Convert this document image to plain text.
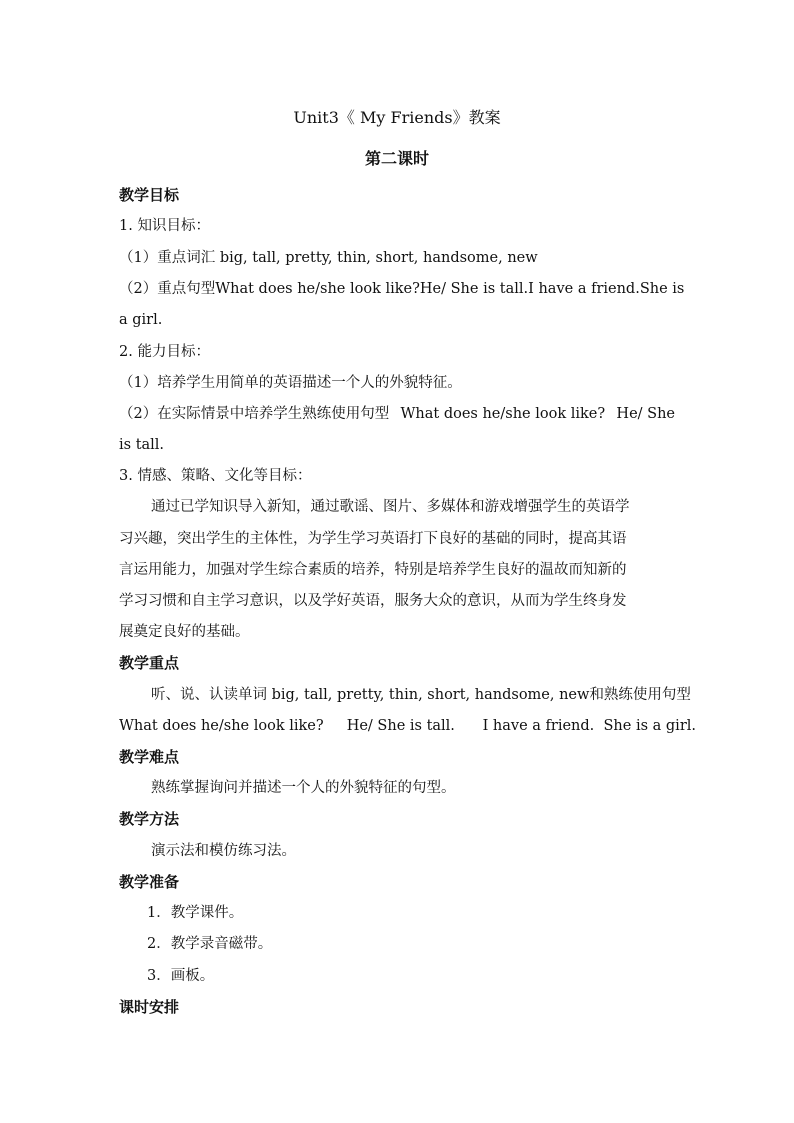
Unit3《 My Friends》教案
第二课时
教学目标
1. 知识目标：
（1）重点词汇 big, tall, pretty, thin, short, handsome, new
（2）重点句型 What does he/she look like? He/ She is tall. I have a friend. She is
a girl.
2. 能力目标：
（1）培养学生用简单的英语描述一个人的外貌特征。
（2）在实际情景中培养学生熟练使用句型 What does he/she look like? He/ She
is tall.
3. 情感、策略、文化等目标：
通过已学知识导入新知，通过歌谣、图片、多媒体和游戏增强学生的英语学
习兴趣，突出学生的主体性，为学生学习英语打下良好的基础的同时，提高其语
言运用能力，加强对学生综合素质的培养，特别是培养学生良好的温故而知新的
学习习惯和自主学习意识，以及学好英语，服务大众的意识，从而为学生终身发
展奠定良好的基础。
教学重点
听、说、认读单词 big, tall, pretty, thin, short, handsome, new 和熟练使用句型
What does he/she look like?     He/ She is tall.      I have a friend.  She is a girl.
教学难点
熟练掌握询问并描述一个人的外貌特征的句型。
教学方法
演示法和模仿练习法。
教学准备
1．教学课件。
2．教学录音磁带。
3．画板。
课时安排
